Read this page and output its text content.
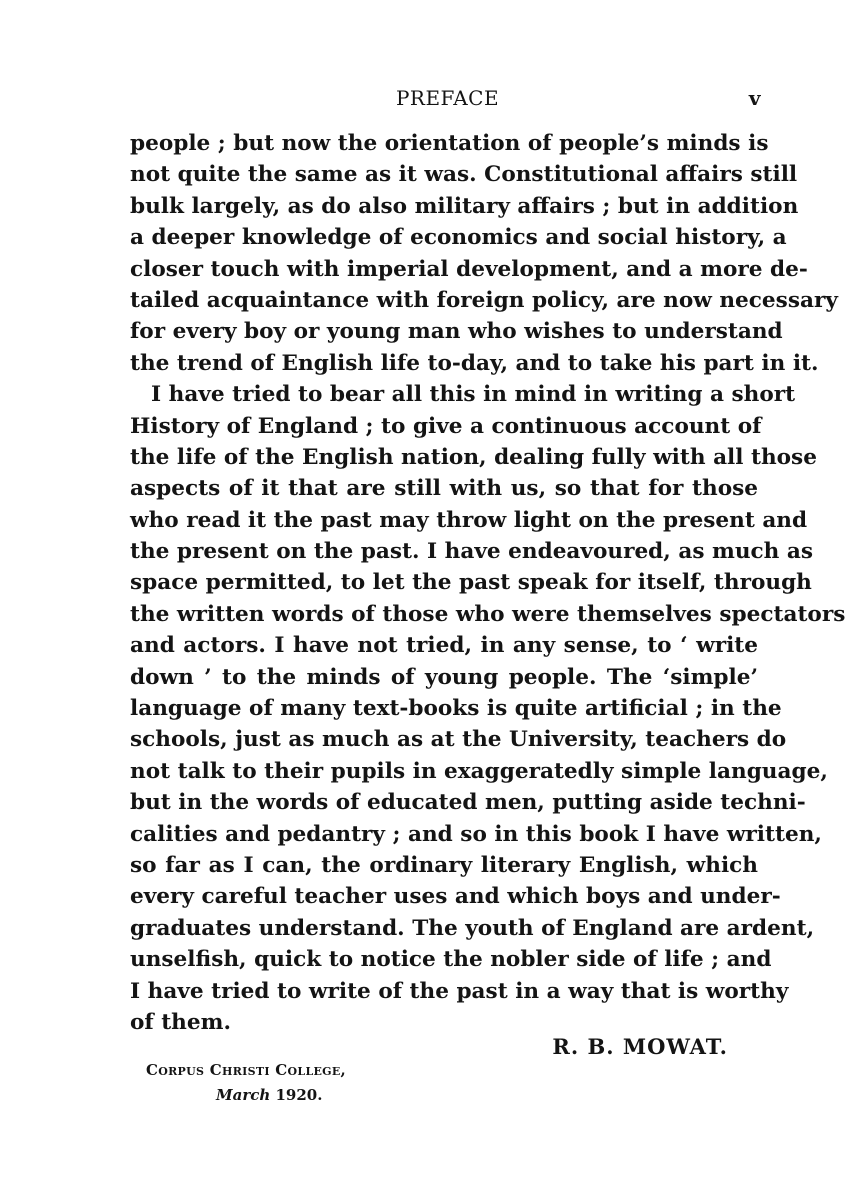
PREFACE	v
people ; but now the orientation of people’s minds is
not quite the same as it was. Constitutional affairs still
bulk largely, as do also military affairs ; but in addition
a deeper knowledge of economics and social history, a
closer touch with imperial development, and a more de-
tailed acquaintance with foreign policy, are now necessary
for every boy or young man who wishes to understand
the trend of English life to-day, and to take his part in it.
I have tried to bear all this in mind in writing a short
History of England ; to give a continuous account of
the life of the English nation, dealing fully with all those
aspects of it that are still with us, so that for those
who read it the past may throw light on the present and
the present on the past. I have endeavoured, as much as
space permitted, to let the past speak for itself, through
the written words of those who were themselves spectators
and actors. I have not tried, in any sense, to ‘ write
down ’ to the minds of young people. The ‘simple’
language of many text-books is quite artificial ; in the
schools, just as much as at the University, teachers do
not talk to their pupils in exaggeratedly simple language,
but in the words of educated men, putting aside techni-
calities and pedantry ; and so in this book I have written,
so far as I can, the ordinary literary English, which
every careful teacher uses and which boys and under-
graduates understand. The youth of England are ardent,
unselfish, quick to notice the nobler side of life ; and
I have tried to write of the past in a way that is worthy
of them.
R. B. MOWAT.
Corpus Christi College,
March 1920.
